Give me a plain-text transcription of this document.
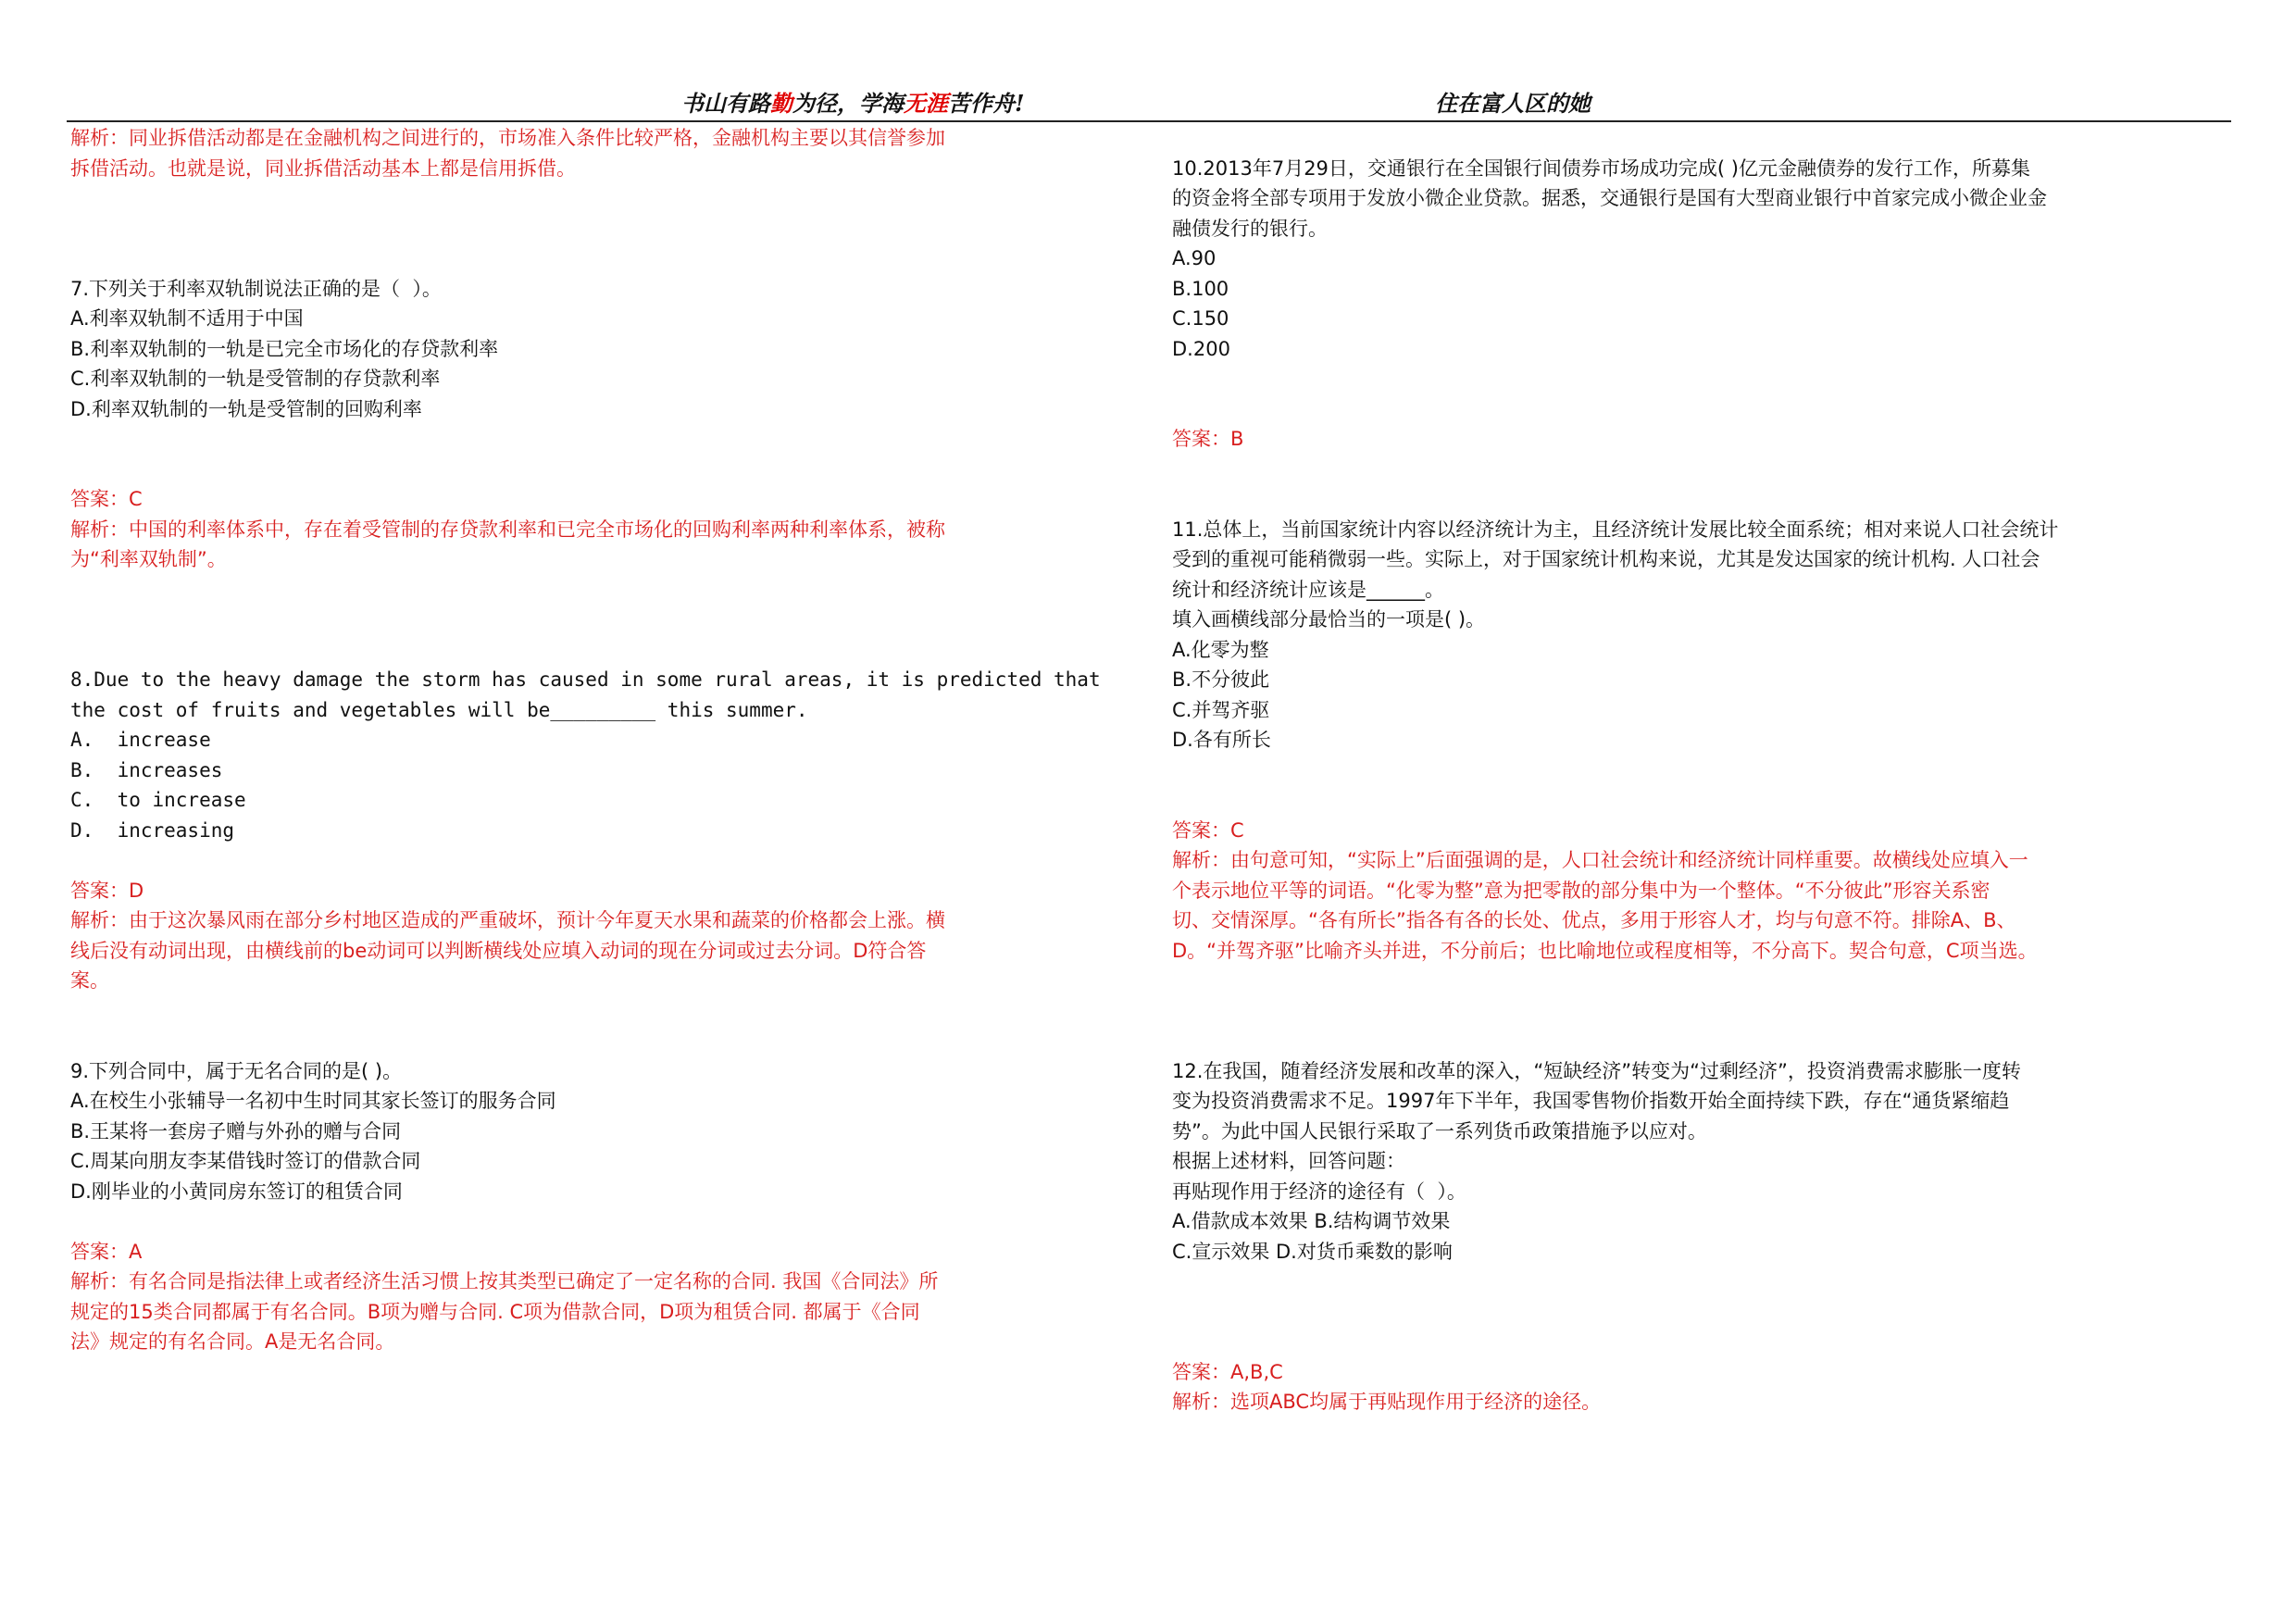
书山有路勤为径，学海无涯苦作舟!	住在富人区的她
解析：同业拆借活动都是在金融机构之间进行的，市场准入条件比较严格，金融机构主要以其信誉参加
拆借活动。也就是说，同业拆借活动基本上都是信用拆借。
7.下列关于利率双轨制说法正确的是（  ）。
A.利率双轨制不适用于中国
B.利率双轨制的一轨是已完全市场化的存贷款利率
C.利率双轨制的一轨是受管制的存贷款利率
D.利率双轨制的一轨是受管制的回购利率
答案：C
解析：中国的利率体系中，存在着受管制的存贷款利率和已完全市场化的回购利率两种利率体系，被称
为“利率双轨制”。
8.Due to the heavy damage the storm has caused in some rural areas, it is predicted that
the cost of fruits and vegetables will be_________ this summer.
A.  increase
B.  increases
C.  to increase
D.  increasing
答案：D
解析：由于这次暴风雨在部分乡村地区造成的严重破坏，预计今年夏天水果和蔬菜的价格都会上涨。横
线后没有动词出现，由横线前的be动词可以判断横线处应填入动词的现在分词或过去分词。D符合答
案。
9.下列合同中，属于无名合同的是( )。
A.在校生小张辅导一名初中生时同其家长签订的服务合同
B.王某将一套房子赠与外孙的赠与合同
C.周某向朋友李某借钱时签订的借款合同
D.刚毕业的小黄同房东签订的租赁合同
答案：A
解析：有名合同是指法律上或者经济生活习惯上按其类型已确定了一定名称的合同. 我国《合同法》所
规定的15类合同都属于有名合同。B项为赠与合同. C项为借款合同，D项为租赁合同. 都属于《合同
法》规定的有名合同。A是无名合同。
10.2013年7月29日，交通银行在全国银行间债券市场成功完成( )亿元金融债券的发行工作，所募集
的资金将全部专项用于发放小微企业贷款。据悉，交通银行是国有大型商业银行中首家完成小微企业金
融债发行的银行。
A.90
B.100
C.150
D.200
答案：B
11.总体上，当前国家统计内容以经济统计为主，且经济统计发展比较全面系统；相对来说人口社会统计
受到的重视可能稍微弱一些。实际上，对于国家统计机构来说，尤其是发达国家的统计机构. 人口社会
统计和经济统计应该是______。
填入画横线部分最恰当的一项是( )。
A.化零为整
B.不分彼此
C.并驾齐驱
D.各有所长
答案：C
解析：由句意可知，“实际上”后面强调的是，人口社会统计和经济统计同样重要。故横线处应填入一
个表示地位平等的词语。“化零为整”意为把零散的部分集中为一个整体。“不分彼此”形容关系密
切、交情深厚。“各有所长”指各有各的长处、优点，多用于形容人才，均与句意不符。排除A、B、
D。“并驾齐驱”比喻齐头并进，不分前后；也比喻地位或程度相等，不分高下。契合句意，C项当选。
12.在我国，随着经济发展和改革的深入，“短缺经济”转变为“过剩经济”，投资消费需求膨胀一度转
变为投资消费需求不足。1997年下半年，我国零售物价指数开始全面持续下跌，存在“通货紧缩趋
势”。为此中国人民银行采取了一系列货币政策措施予以应对。
根据上述材料，回答问题：
再贴现作用于经济的途径有（  ）。
A.借款成本效果 B.结构调节效果
C.宣示效果 D.对货币乘数的影响
答案：A,B,C
解析：选项ABC均属于再贴现作用于经济的途径。
